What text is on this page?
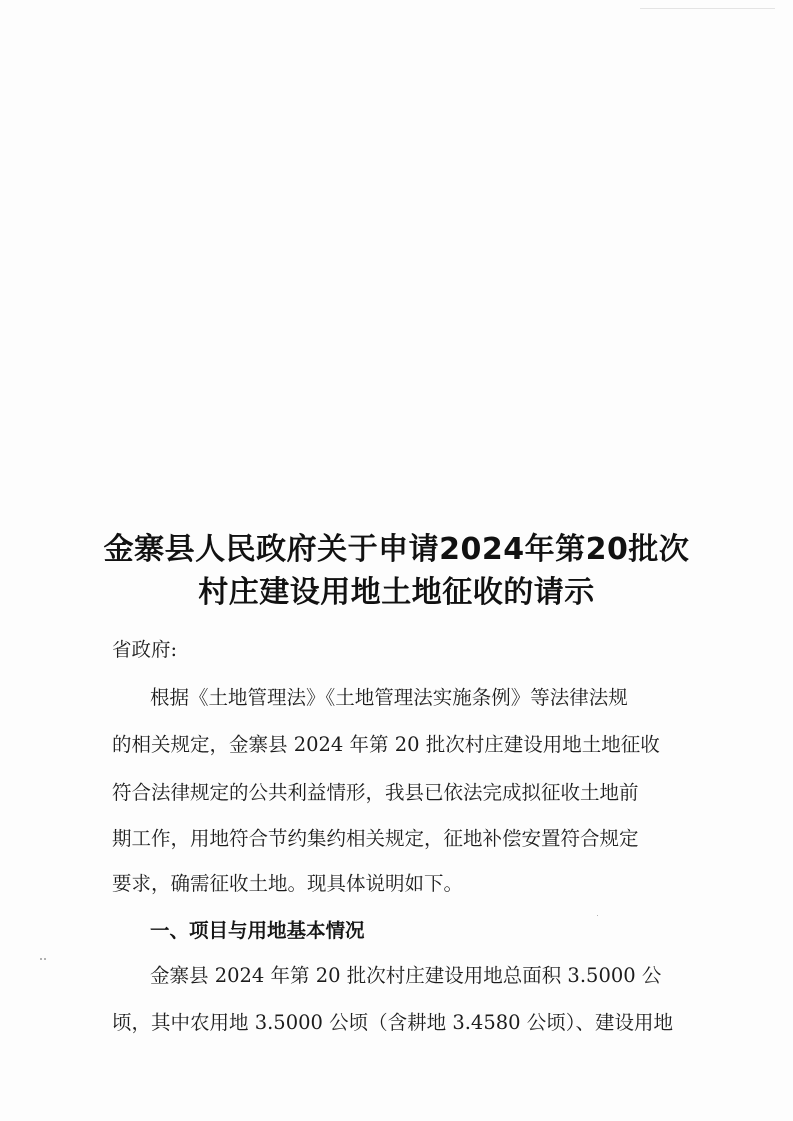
金寨县人民政府关于申请2024年第20批次
村庄建设用地土地征收的请示
省政府:
根据《土地管理法》《土地管理法实施条例》等法律法规
的相关规定，金寨县 2024 年第 20 批次村庄建设用地土地征收
符合法律规定的公共利益情形，我县已依法完成拟征收土地前
期工作，用地符合节约集约相关规定，征地补偿安置符合规定
要求，确需征收土地。现具体说明如下。
一、项目与用地基本情况
金寨县 2024 年第 20 批次村庄建设用地总面积 3.5000 公
顷，其中农用地 3.5000 公顷（含耕地 3.4580 公顷）、建设用地
